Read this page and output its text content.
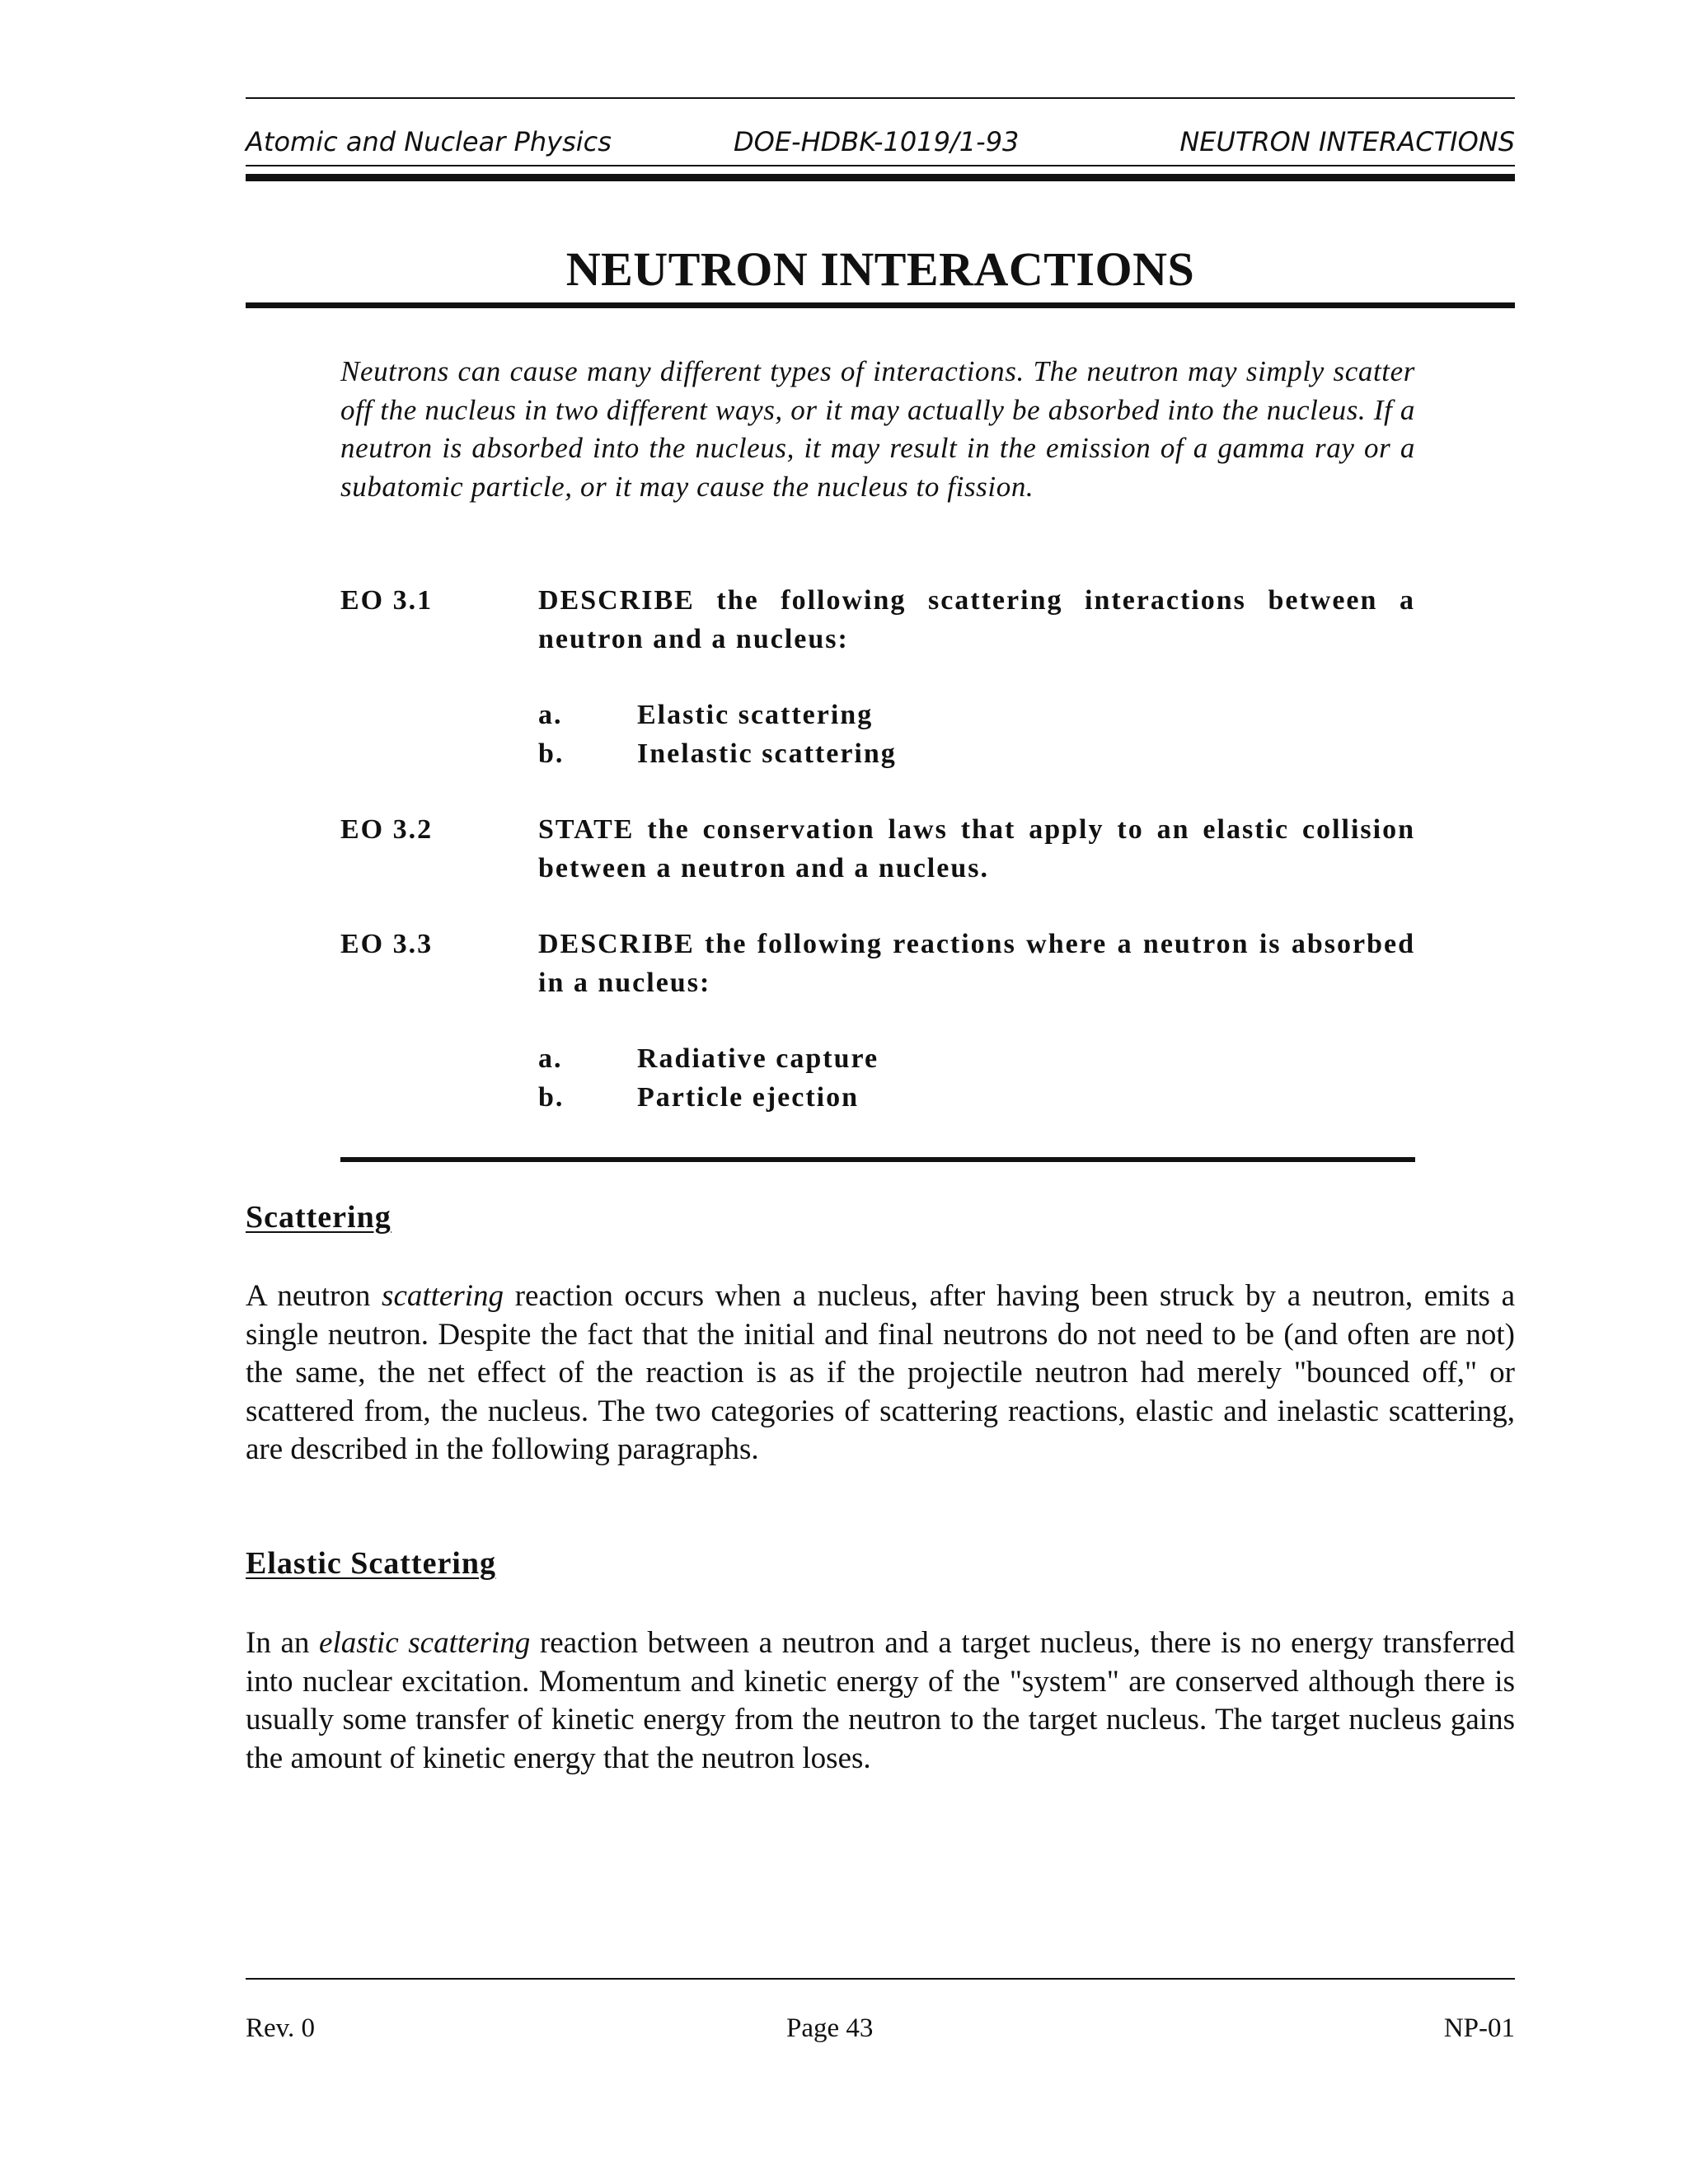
Atomic and Nuclear Physics	DOE-HDBK-1019/1-93	NEUTRON INTERACTIONS
NEUTRON INTERACTIONS
Neutrons can cause many different types of interactions. The neutron may simply scatter off the nucleus in two different ways, or it may actually be absorbed into the nucleus. If a neutron is absorbed into the nucleus, it may result in the emission of a gamma ray or a subatomic particle, or it may cause the nucleus to fission.
EO 3.1	DESCRIBE the following scattering interactions between a neutron and a nucleus:
a.	Elastic scattering
b.	Inelastic scattering
EO 3.2	STATE the conservation laws that apply to an elastic collision between a neutron and a nucleus.
EO 3.3	DESCRIBE the following reactions where a neutron is absorbed in a nucleus:
a.	Radiative capture
b.	Particle ejection
Scattering
A neutron scattering reaction occurs when a nucleus, after having been struck by a neutron, emits a single neutron. Despite the fact that the initial and final neutrons do not need to be (and often are not) the same, the net effect of the reaction is as if the projectile neutron had merely "bounced off," or scattered from, the nucleus. The two categories of scattering reactions, elastic and inelastic scattering, are described in the following paragraphs.
Elastic Scattering
In an elastic scattering reaction between a neutron and a target nucleus, there is no energy transferred into nuclear excitation. Momentum and kinetic energy of the "system" are conserved although there is usually some transfer of kinetic energy from the neutron to the target nucleus. The target nucleus gains the amount of kinetic energy that the neutron loses.
Rev. 0	Page 43	NP-01
